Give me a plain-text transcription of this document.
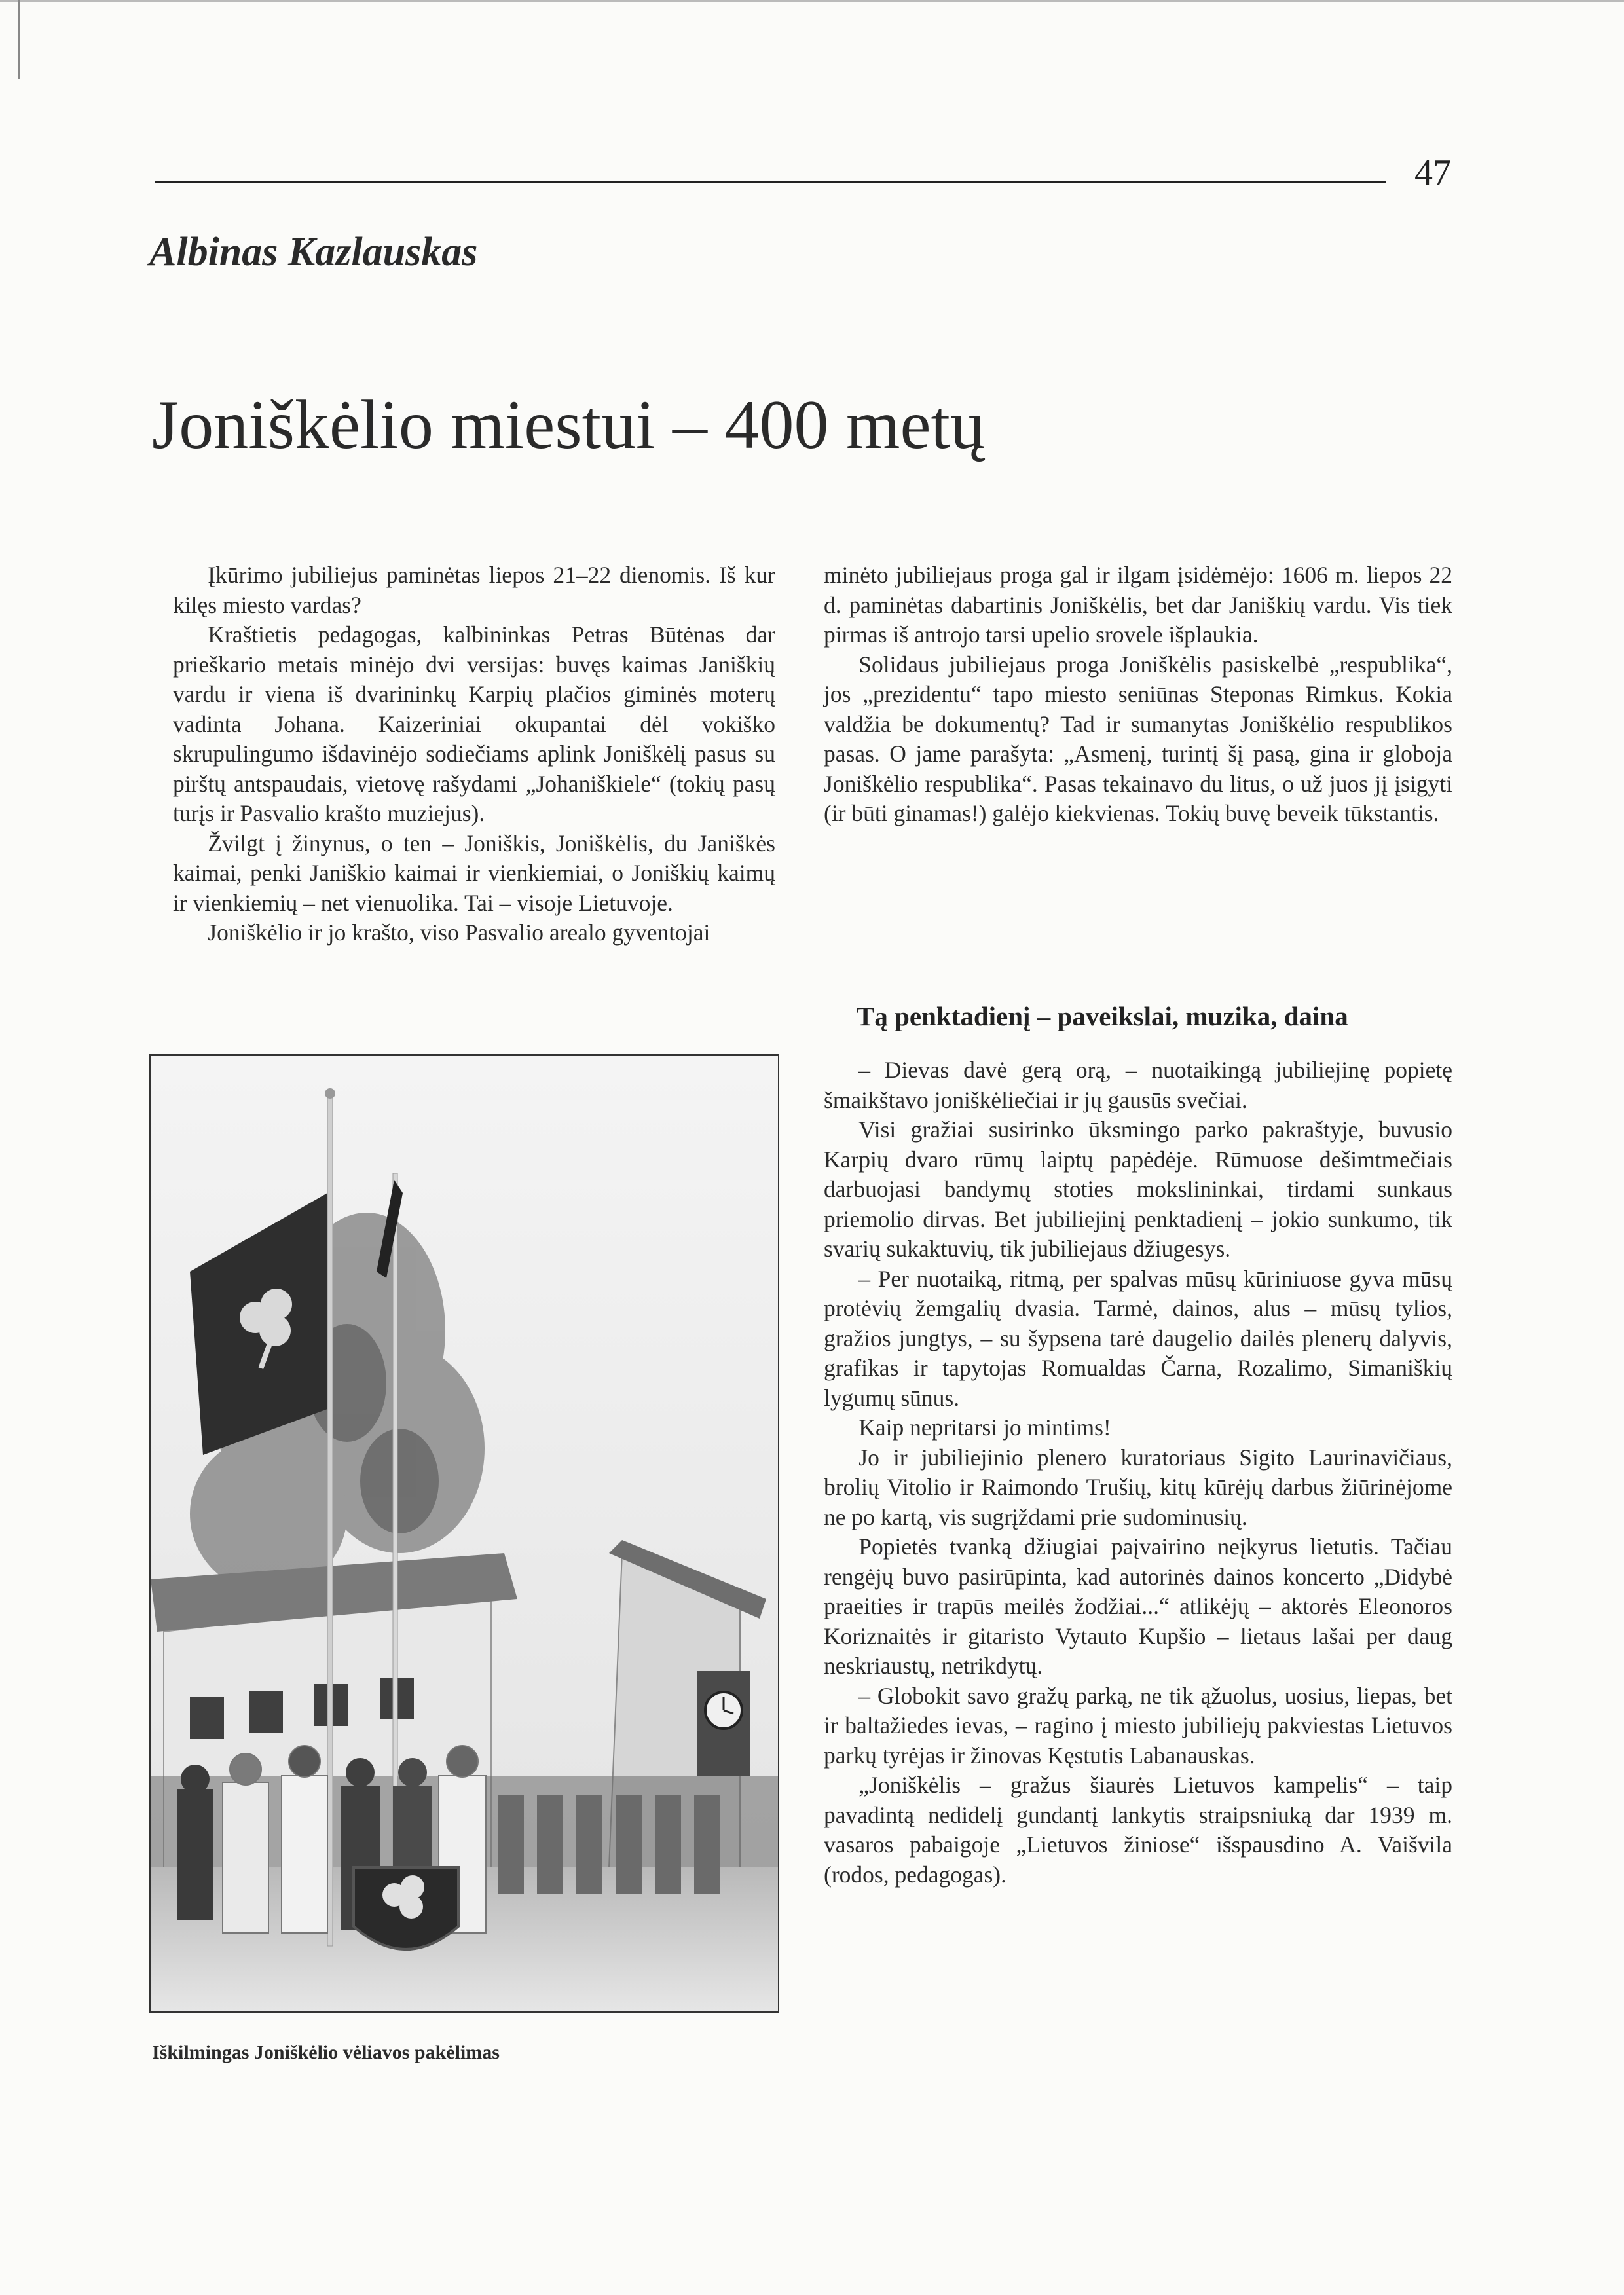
47
Albinas Kazlauskas
Joniškėlio miestui – 400 metų

Įkūrimo jubiliejus paminėtas liepos 21–22 dienomis. Iš kur kilęs miesto vardas?

Kraštietis pedagogas, kalbininkas Petras Būtėnas dar prieškario metais minėjo dvi versijas: buvęs kaimas Janiškių vardu ir viena iš dvarininkų Karpių plačios giminės moterų vadinta Johana. Kaizeriniai okupantai dėl vokiško skrupulingumo išdavinėjo sodiečiams aplink Joniškėlį pasus su pirštų antspaudais, vietovę rašydami „Johaniškiele“ (tokių pasų turįs ir Pasvalio krašto muziejus).

Žvilgt į žinynus, o ten – Joniškis, Joniškėlis, du Janiškės kaimai, penki Janiškio kaimai ir vienkiemiai, o Joniškių kaimų ir vienkiemių – net vienuolika. Tai – visoje Lietuvoje.

Joniškėlio ir jo krašto, viso Pasvalio arealo gyventojai

minėto jubiliejaus proga gal ir ilgam įsidėmėjo: 1606 m. liepos 22 d. paminėtas dabartinis Joniškėlis, bet dar Janiškių vardu. Vis tiek pirmas iš antrojo tarsi upelio srovele išplaukia.

Solidaus jubiliejaus proga Joniškėlis pasiskelbė „respublika“, jos „prezidentu“ tapo miesto seniūnas Steponas Rimkus. Kokia valdžia be dokumentų? Tad ir sumanytas Joniškėlio respublikos pasas. O jame parašyta: „Asmenį, turintį šį pasą, gina ir globoja Joniškėlio respublika“. Pasas tekainavo du litus, o už juos jį įsigyti (ir būti ginamas!) galėjo kiekvienas. Tokių buvę beveik tūkstantis.

Tą penktadienį – paveikslai, muzika, daina

– Dievas davė gerą orą, – nuotaikingą jubiliejinę popietę šmaikštavo joniškėliečiai ir jų gausūs svečiai.

Visi gražiai susirinko ūksmingo parko pakraštyje, buvusio Karpių dvaro rūmų laiptų papėdėje. Rūmuose dešimtmečiais darbuojasi bandymų stoties mokslininkai, tirdami sunkaus priemolio dirvas. Bet jubiliejinį penktadienį – jokio sunkumo, tik svarių sukaktuvių, tik jubiliejaus džiugesys.

– Per nuotaiką, ritmą, per spalvas mūsų kūriniuose gyva mūsų protėvių žemgalių dvasia. Tarmė, dainos, alus – mūsų tylios, gražios jungtys, – su šypsena tarė daugelio dailės plenerų dalyvis, grafikas ir tapytojas Romualdas Čarna, Rozalimo, Simaniškių lygumų sūnus.

Kaip nepritarsi jo mintims!

Jo ir jubiliejinio plenero kuratoriaus Sigito Laurinavičiaus, brolių Vitolio ir Raimondo Trušių, kitų kūrėjų darbus žiūrinėjome ne po kartą, vis sugrįždami prie sudominusių.

Popietės tvanką džiugiai paįvairino neįkyrus lietutis. Tačiau rengėjų buvo pasirūpinta, kad autorinės dainos koncerto „Didybė praeities ir trapūs meilės žodžiai...“ atlikėjų – aktorės Eleonoros Koriznaitės ir gitaristo Vytauto Kupšio – lietaus lašai per daug neskriaustų, netrikdytų.

– Globokit savo gražų parką, ne tik ąžuolus, uosius, liepas, bet ir baltažiedes ievas, – ragino į miesto jubiliejų pakviestas Lietuvos parkų tyrėjas ir žinovas Kęstutis Labanauskas.

„Joniškėlis – gražus šiaurės Lietuvos kampelis“ – taip pavadintą nedidelį gundantį lankytis straipsniuką dar 1939 m. vasaros pabaigoje „Lietuvos žiniose“ išspausdino A. Vaišvila (rodos, pedagogas).

Iškilmingas Joniškėlio vėliavos pakėlimas
